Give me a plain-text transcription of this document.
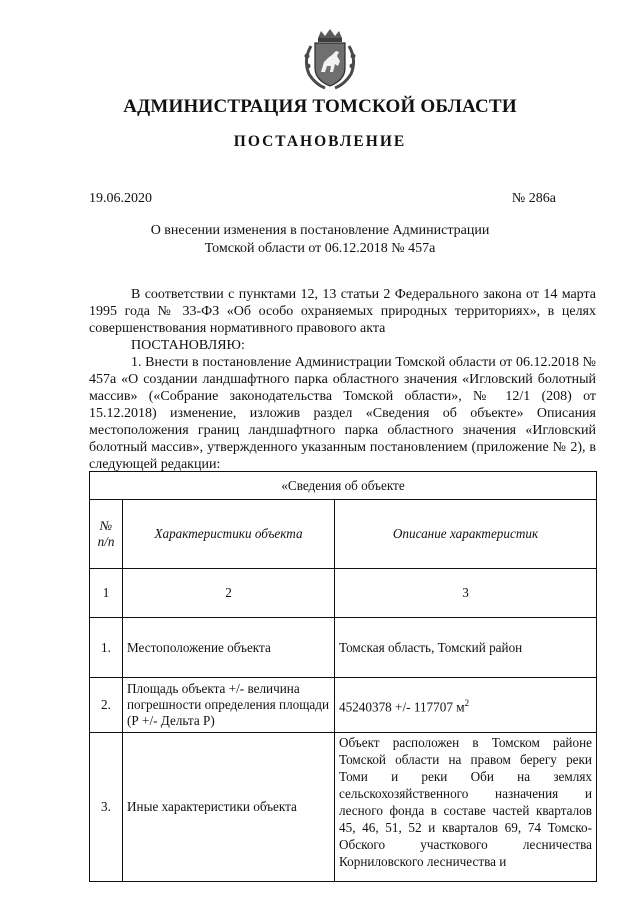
АДМИНИСТРАЦИЯ ТОМСКОЙ ОБЛАСТИ
ПОСТАНОВЛЕНИЕ
19.06.2020	№ 286а
О внесении изменения в постановление Администрации
Томской области от 06.12.2018 № 457а

В соответствии с пунктами 12, 13 статьи 2 Федерального закона от 14 марта 1995 года № 33-ФЗ «Об особо охраняемых природных территориях», в целях совершенствования нормативного правового акта

ПОСТАНОВЛЯЮ:

1. Внести в постановление Администрации Томской области от 06.12.2018 № 457а «О создании ландшафтного парка областного значения «Игловский болотный массив» («Собрание законодательства Томской области», № 12/1 (208) от 15.12.2018) изменение, изложив раздел «Сведения об объекте» Описания местоположения границ ландшафтного парка областного значения «Игловский болотный массив», утвержденного указанным постановлением (приложение № 2), в следующей редакции:

«Сведения об объекте		
№ п/п	Характеристики объекта	Описание характеристик
1	2	3
1.	Местоположение объекта	Томская область, Томский район
2.	Площадь объекта +/- величина погрешности определения площади (Р +/- Дельта Р)	45240378 +/- 117707 $м^2$
3.	Иные характеристики объекта	Объект расположен в Томском районе Томской области на правом берегу реки Томи и реки Оби на землях сельскохозяйственного назначения и лесного фонда в составе частей кварталов 45, 46, 51, 52 и кварталов 69, 74 Томско-Обского участкового лесничества Корниловского лесничества и
